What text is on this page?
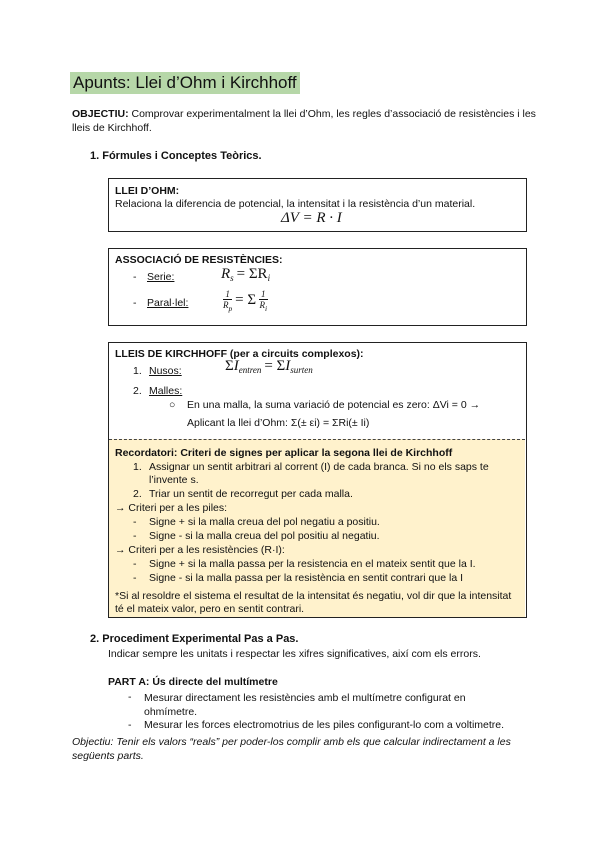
Apunts: Llei d’Ohm i Kirchhoff
OBJECTIU: Comprovar experimentalment la llei d’Ohm, les regles d’associació de resistències i les lleis de Kirchhoff.
1. Fórmules i Conceptes Teòrics.
LLEI D’OHM:
Relaciona la diferencia de potencial, la intensitat i la resistència d’un material.
ΔV = R · I
ASSOCIACIÓ DE RESISTÈNCIES:
- Serie:	$R_s = \Sigma R_i$
- Paral·lel:	$\frac{1}{R_p} = \Sigma \frac{1}{R_i}$
LLEIS DE KIRCHHOFF (per a circuits complexos):
1. Nusos:	$\Sigma I_{entren} = \Sigma I_{surten}$
2. Malles:
○ En una malla, la suma variació de potencial es zero: ΔVi = 0 →
Aplicant la llei d’Ohm: Σ(± εi) = ΣRi(± Ii)
Recordatori: Criteri de signes per aplicar la segona llei de Kirchhoff
1. Assignar un sentit arbitrari al corrent (I) de cada branca. Si no els saps te l’invente s.
2. Triar un sentit de recorregut per cada malla.
→ Criteri per a les piles:
- Signe + si la malla creua del pol negatiu a positiu.
- Signe - si la malla creua del pol positiu al negatiu.
→ Criteri per a les resistències (R·I):
- Signe + si la malla passa per la resistencia en el mateix sentit que la I.
- Signe - si la malla passa per la resistència en sentit contrari que la I
*Si al resoldre el sistema el resultat de la intensitat és negatiu, vol dir que la intensitat té el mateix valor, pero en sentit contrari.
2. Procediment Experimental Pas a Pas.
Indicar sempre les unitats i respectar les xifres significatives, així com els errors.
PART A: Ús directe del multímetre
- Mesurar directament les resistències amb el multímetre configurat en ohmímetre.
- Mesurar les forces electromotrius de les piles configurant-lo com a voltimetre.
Objectiu: Tenir els valors “reals” per poder-los complir amb els que calcular indirectament a les següents parts.
